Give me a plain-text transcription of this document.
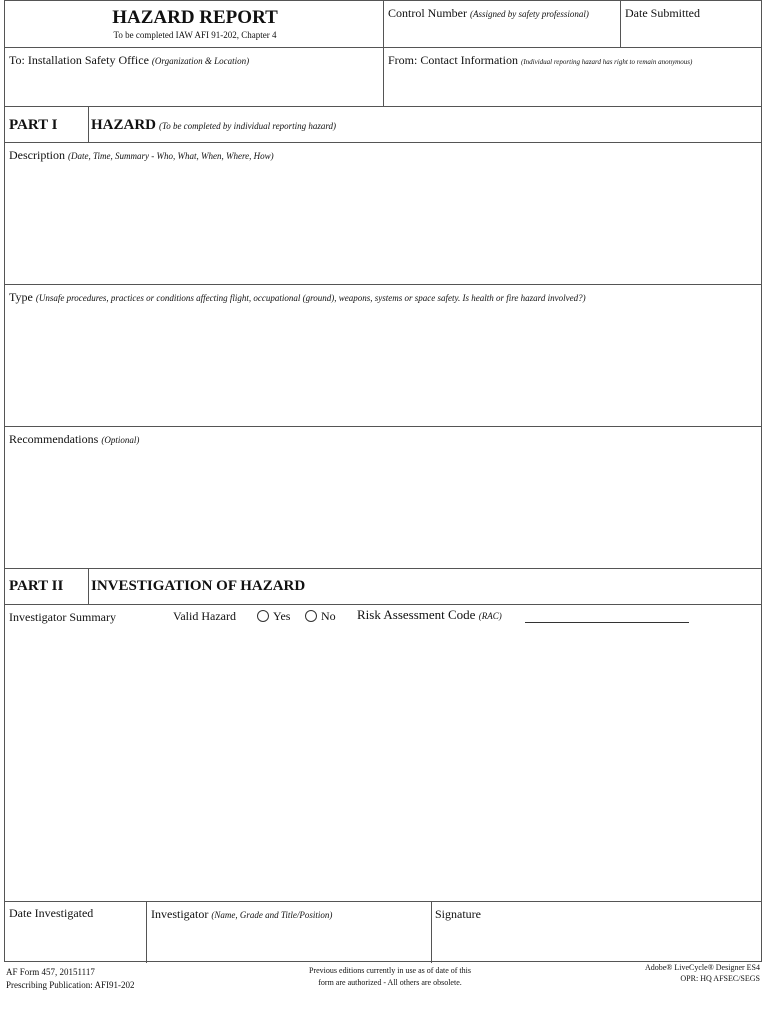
HAZARD REPORT
To be completed IAW AFI 91-202, Chapter 4
Control Number (Assigned by safety professional)	Date Submitted
To: Installation Safety Office (Organization & Location)	From: Contact Information (Individual reporting hazard has right to remain anonymous)
PART I HAZARD (To be completed by individual reporting hazard)
Description (Date, Time, Summary - Who, What, When, Where, How)
Type (Unsafe procedures, practices or conditions affecting flight, occupational (ground), weapons, systems or space safety. Is health or fire hazard involved?)
Recommendations (Optional)
PART II INVESTIGATION OF HAZARD
Investigator Summary	Valid Hazard	Yes	No Risk Assessment Code (RAC)
Date Investigated	Investigator (Name, Grade and Title/Position)	Signature
AF Form 457, 20151117
Prescribing Publication: AFI91-202
Previous editions currently in use as of date of this
form are authorized - All others are obsolete.
Adobe® LiveCycle® Designer ES4
OPR: HQ AFSEC/SEGS
